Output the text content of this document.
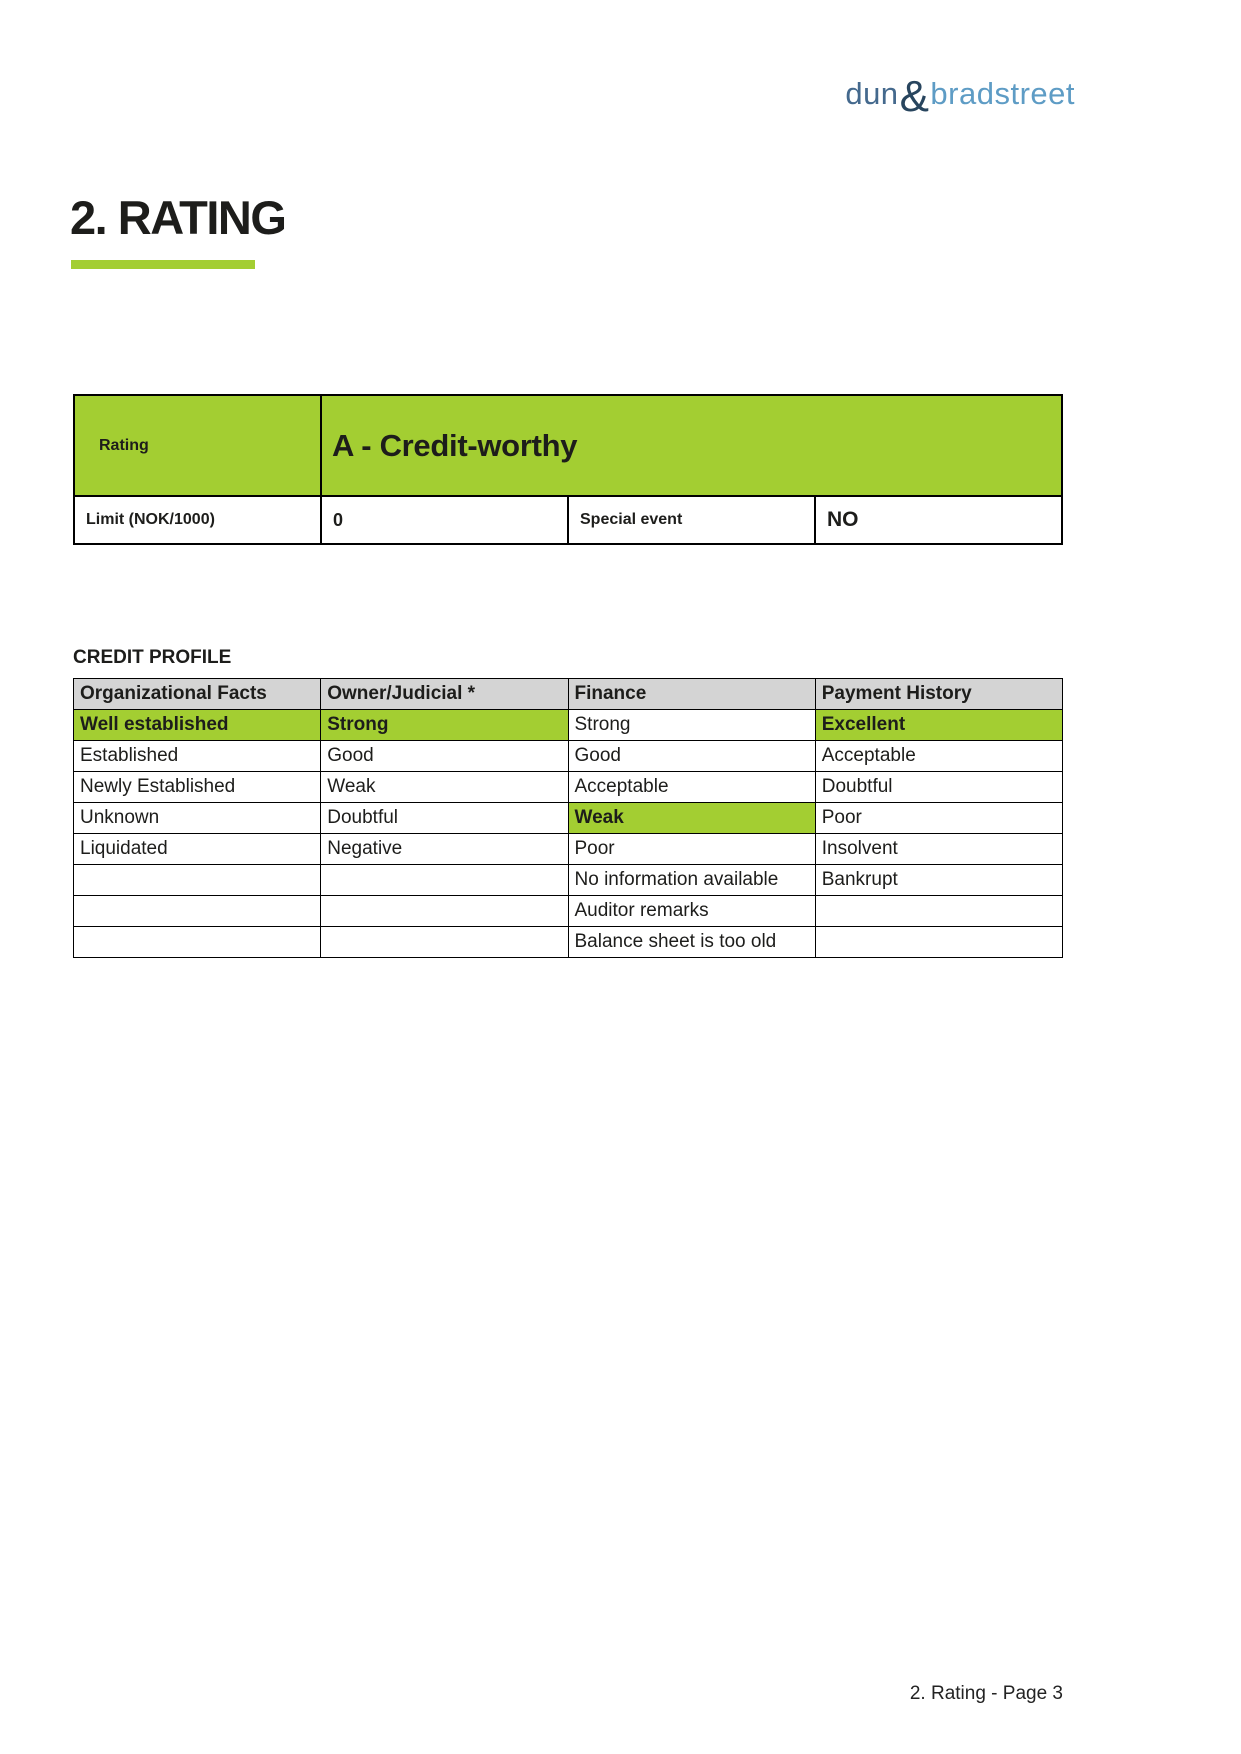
dun&bradstreet
2. RATING
Rating	A - Credit-worthy		
Limit (NOK/1000)	0	Special event	NO
CREDIT PROFILE
Organizational Facts	Owner/Judicial *	Finance	Payment History
Well established	Strong	Strong	Excellent
Established	Good	Good	Acceptable
Newly Established	Weak	Acceptable	Doubtful
Unknown	Doubtful	Weak	Poor
Liquidated	Negative	Poor	Insolvent
		No information available	Bankrupt
		Auditor remarks	
		Balance sheet is too old	
2. Rating - Page 3
